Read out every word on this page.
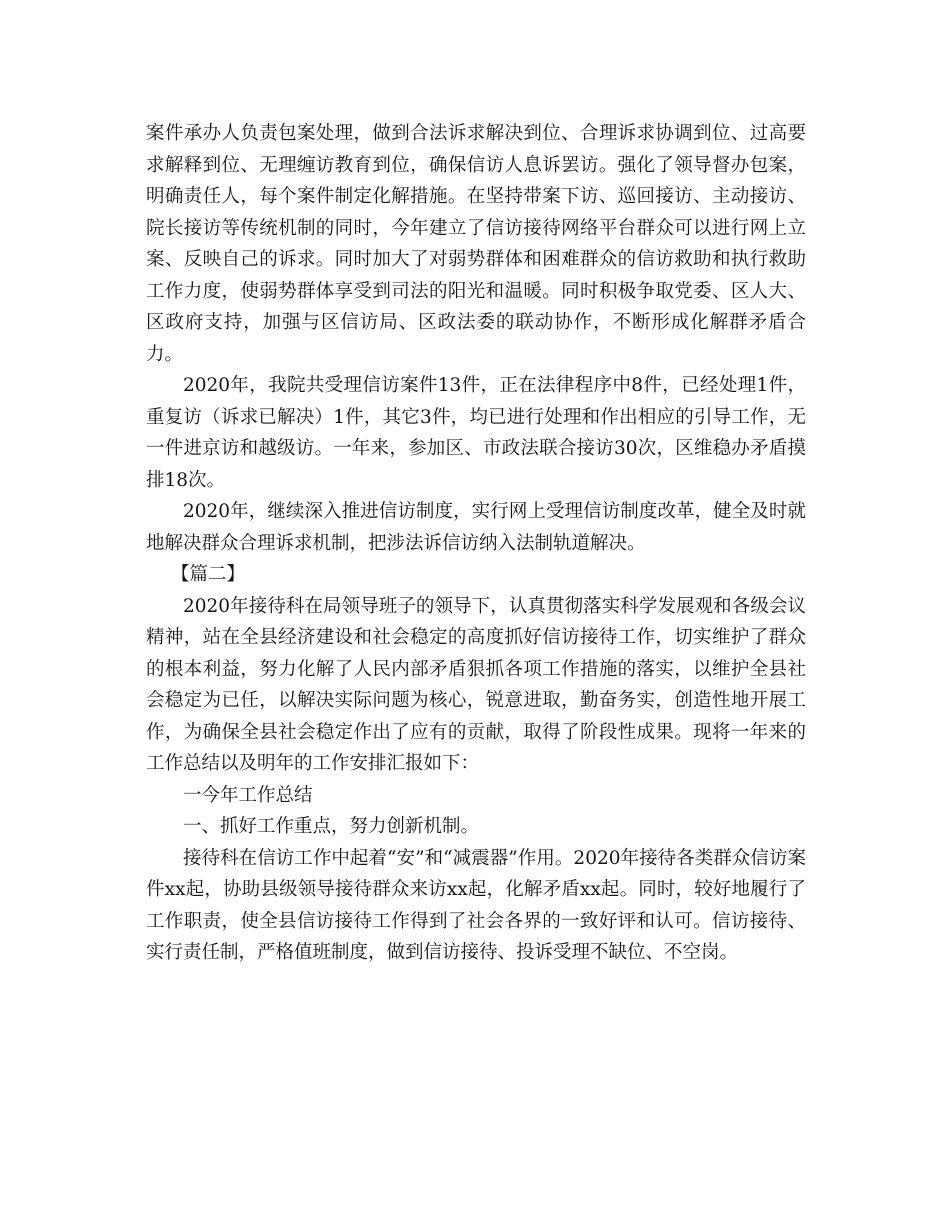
案件承办人负责包案处理，做到合法诉求解决到位、合理诉求协调到位、过高要求解释到位、无理缠访教育到位，确保信访人息诉罢访。强化了领导督办包案，明确责任人，每个案件制定化解措施。在坚持带案下访、巡回接访、主动接访、院长接访等传统机制的同时，今年建立了信访接待网络平台群众可以进行网上立案、反映自己的诉求。同时加大了对弱势群体和困难群众的信访救助和执行救助工作力度，使弱势群体享受到司法的阳光和温暖。同时积极争取党委、区人大、区政府支持，加强与区信访局、区政法委的联动协作，不断形成化解群矛盾合力。

2020年，我院共受理信访案件13件，正在法律程序中8件，已经处理1件，重复访（诉求已解决）1件，其它3件，均已进行处理和作出相应的引导工作，无一件进京访和越级访。一年来，参加区、市政法联合接访30次，区维稳办矛盾摸排18次。

2020年，继续深入推进信访制度，实行网上受理信访制度改革，健全及时就地解决群众合理诉求机制，把涉法诉信访纳入法制轨道解决。

【篇二】

2020年接待科在局领导班子的领导下，认真贯彻落实科学发展观和各级会议精神，站在全县经济建设和社会稳定的高度抓好信访接待工作，切实维护了群众的根本利益，努力化解了人民内部矛盾狠抓各项工作措施的落实，以维护全县社会稳定为已任，以解决实际问题为核心，锐意进取，勤奋务实，创造性地开展工作，为确保全县社会稳定作出了应有的贡献，取得了阶段性成果。现将一年来的工作总结以及明年的工作安排汇报如下：

一今年工作总结

一、抓好工作重点，努力创新机制。

接待科在信访工作中起着“安”和“减震器”作用。2020年接待各类群众信访案件xx起，协助县级领导接待群众来访xx起，化解矛盾xx起。同时，较好地履行了工作职责，使全县信访接待工作得到了社会各界的一致好评和认可。信访接待、实行责任制，严格值班制度，做到信访接待、投诉受理不缺位、不空岗。
